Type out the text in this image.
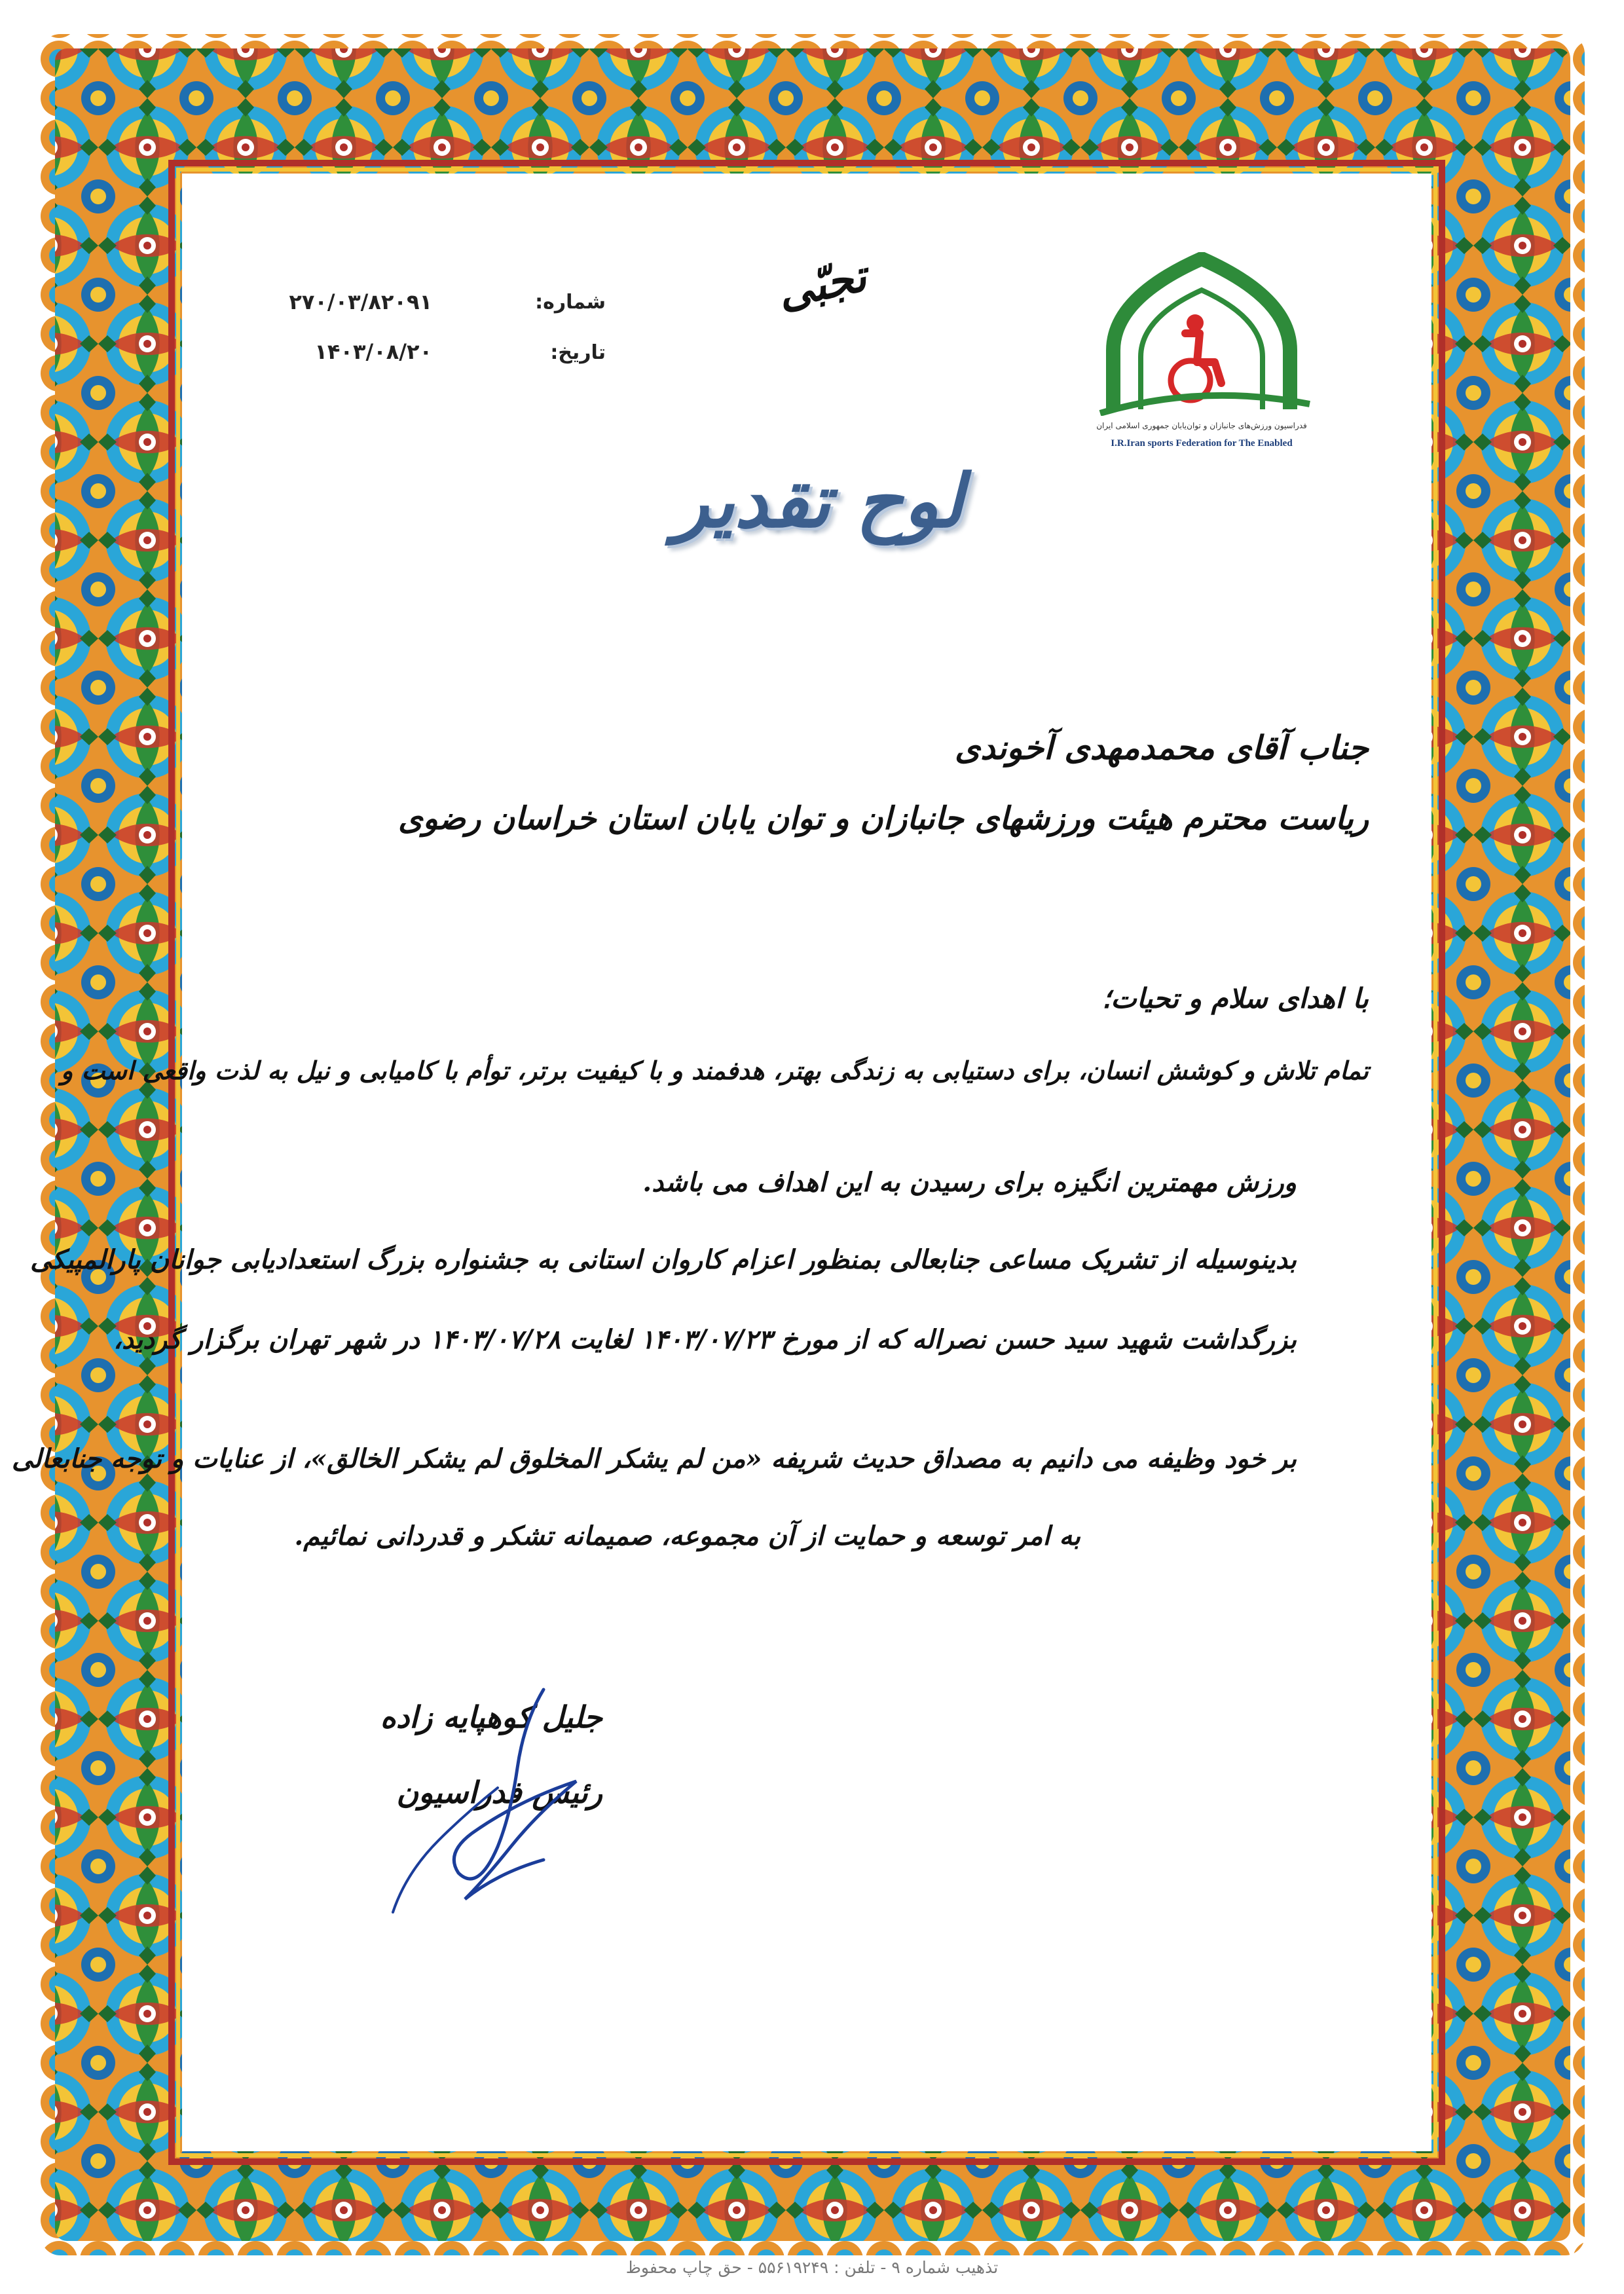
فدراسیون ورزش‌های جانبازان و توان‌یابان جمهوری اسلامی ایران
I.R.Iran sports Federation for The Enabled
شماره:
۲۷۰/۰۳/۸۲۰۹۱
تاریخ:
۱۴۰۳/۰۸/۲۰
تجبّی
لوح تقدیر
جناب آقای محمدمهدی آخوندی
ریاست محترم هیئت ورزشهای جانبازان و توان یابان استان خراسان رضوی
با اهدای سلام و تحیات؛
تمام تلاش و کوشش انسان، برای دستیابی به زندگی بهتر، هدفمند و با کیفیت برتر، توأم با کامیابی و نیل به لذت واقعی است و
ورزش مهمترین انگیزه برای رسیدن به این اهداف می باشد.
بدینوسیله از تشریک مساعی جنابعالی بمنظور اعزام کاروان استانی به جشنواره بزرگ استعدادیابی جوانان پارالمپیکی
بزرگداشت شهید سید حسن نصراله که از مورخ ۱۴۰۳/۰۷/۲۳ لغایت ۱۴۰۳/۰۷/۲۸ در شهر تهران برگزار گردید،
بر خود وظیفه می دانیم به مصداق حدیث شریفه «من لم یشکر المخلوق لم یشکر الخالق»، از عنایات و توجه جنابعالی
به امر توسعه و حمایت از آن مجموعه، صمیمانه تشکر و قدردانی نمائیم.
جلیل کوهپایه زاده
رئیس فدراسیون
تذهیب شماره ۹ - تلفن : ۵۵۶۱۹۲۴۹ - حق چاپ محفوظ
